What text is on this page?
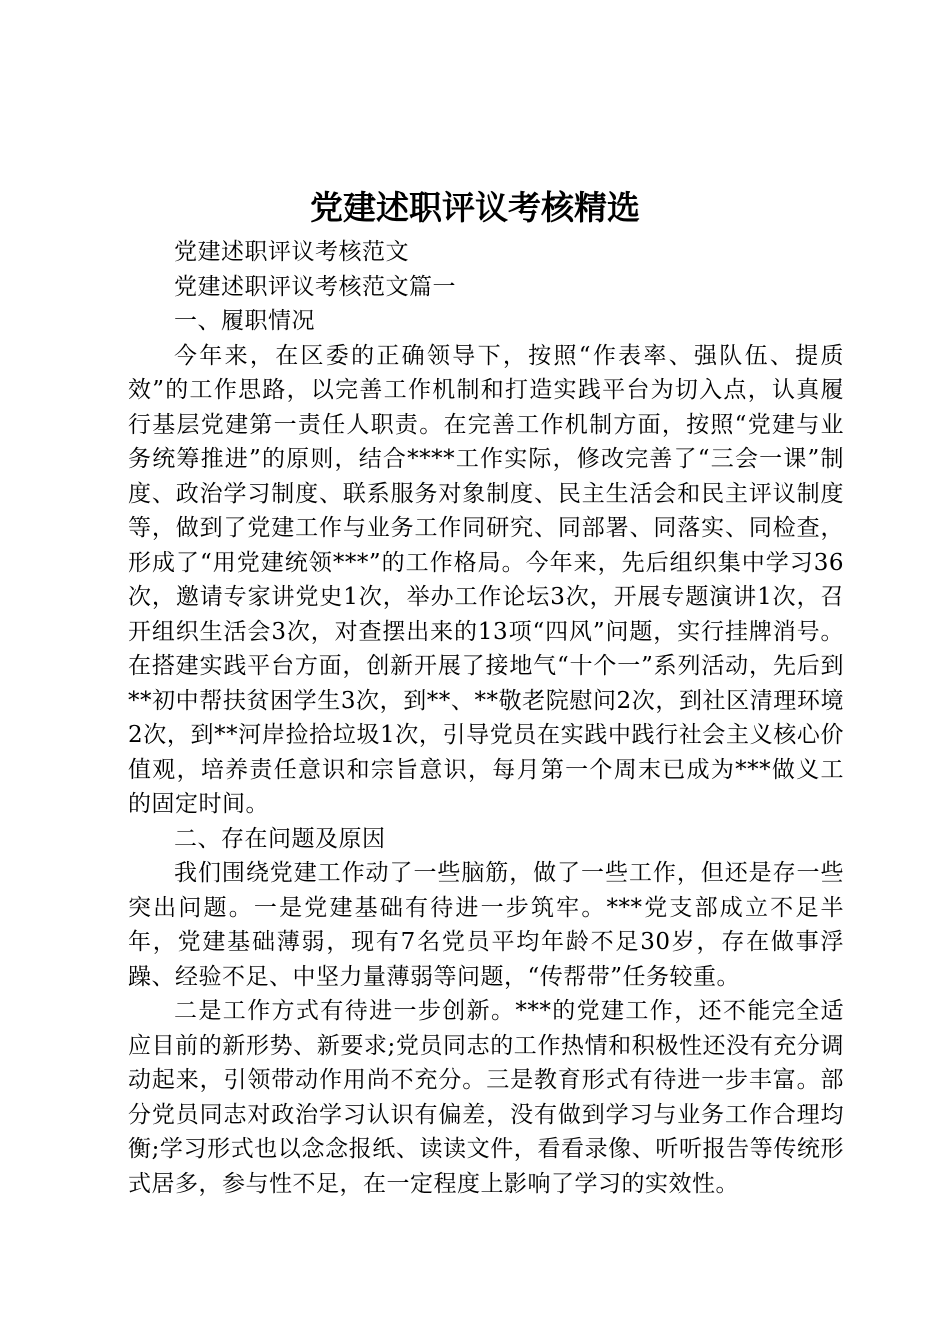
党建述职评议考核精选

党建述职评议考核范文

党建述职评议考核范文篇一

一、履职情况

今年来，在区委的正确领导下，按照“作表率、强队伍、提质效”的工作思路，以完善工作机制和打造实践平台为切入点，认真履行基层党建第一责任人职责。在完善工作机制方面，按照“党建与业务统筹推进”的原则，结合****工作实际，修改完善了“三会一课”制度、政治学习制度、联系服务对象制度、民主生活会和民主评议制度等，做到了党建工作与业务工作同研究、同部署、同落实、同检查，形成了“用党建统领***”的工作格局。今年来，先后组织集中学习36次，邀请专家讲党史1次，举办工作论坛3次，开展专题演讲1次，召开组织生活会3次，对查摆出来的13项“四风”问题，实行挂牌消号。在搭建实践平台方面，创新开展了接地气“十个一”系列活动，先后到**初中帮扶贫困学生3次，到**、**敬老院慰问2次，到社区清理环境2次，到**河岸捡拾垃圾1次，引导党员在实践中践行社会主义核心价值观，培养责任意识和宗旨意识，每月第一个周末已成为***做义工的固定时间。

二、存在问题及原因

我们围绕党建工作动了一些脑筋，做了一些工作，但还是存一些突出问题。一是党建基础有待进一步筑牢。***党支部成立不足半年，党建基础薄弱，现有7名党员平均年龄不足30岁，存在做事浮躁、经验不足、中坚力量薄弱等问题，“传帮带”任务较重。

二是工作方式有待进一步创新。***的党建工作，还不能完全适应目前的新形势、新要求;党员同志的工作热情和积极性还没有充分调动起来，引领带动作用尚不充分。三是教育形式有待进一步丰富。部分党员同志对政治学习认识有偏差，没有做到学习与业务工作合理均衡;学习形式也以念念报纸、读读文件，看看录像、听听报告等传统形式居多，参与性不足，在一定程度上影响了学习的实效性。
